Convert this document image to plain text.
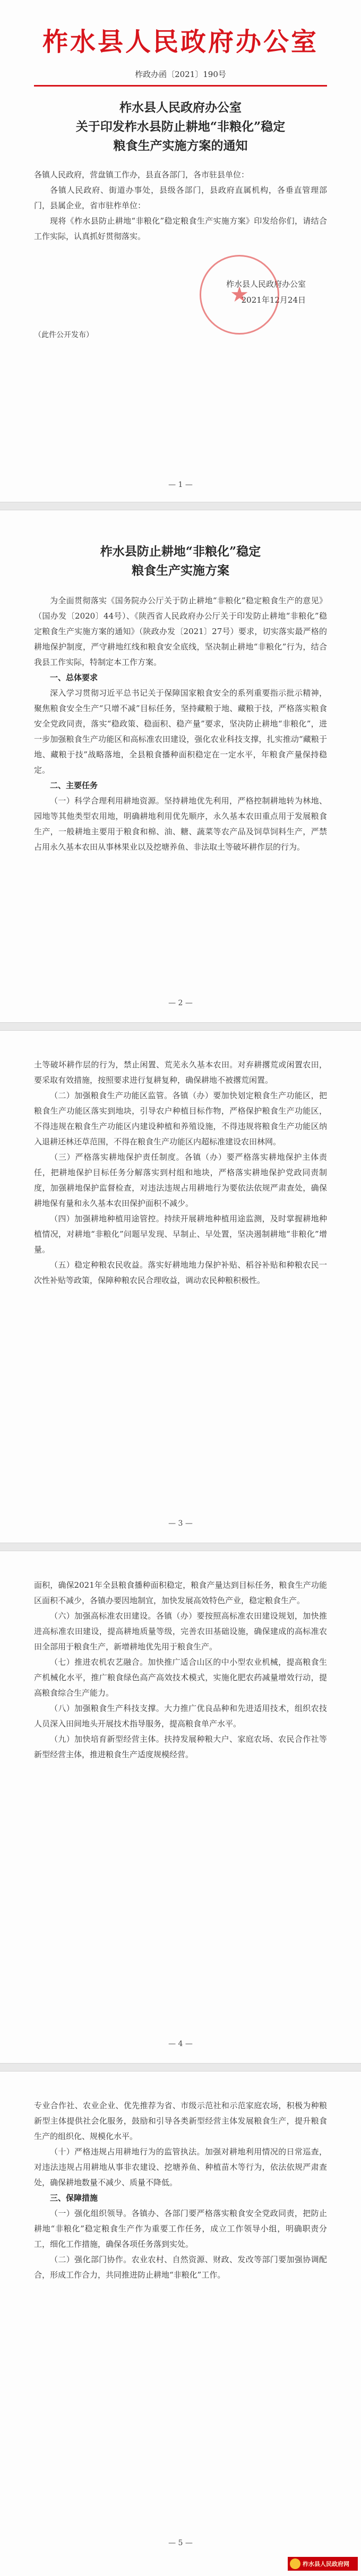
柞水县人民政府办公室
柞政办函〔2021〕190号
柞水县人民政府办公室
关于印发柞水县防止耕地“非粮化”稳定
粮食生产实施方案的通知

各镇人民政府，营盘镇工作办，县直各部门，各市驻县单位：

各镇人民政府、街道办事处，县级各部门，县政府直属机构，各垂直管理部门，县属企业，省市驻柞单位：

现将《柞水县防止耕地“非粮化”稳定粮食生产实施方案》印发给你们，请结合工作实际，认真抓好贯彻落实。

★
柞水县人民政府办公室
2021年12月24日
（此件公开发布）
— 1 —
柞水县防止耕地“非粮化”稳定
粮食生产实施方案

为全面贯彻落实《国务院办公厅关于防止耕地“非粮化”稳定粮食生产的意见》（国办发〔2020〕44号）、《陕西省人民政府办公厅关于印发防止耕地“非粮化”稳定粮食生产实施方案的通知》（陕政办发〔2021〕27号）要求，切实落实最严格的耕地保护制度，严守耕地红线和粮食安全底线，坚决制止耕地“非粮化”行为，结合我县工作实际，特制定本工作方案。

一、总体要求

深入学习贯彻习近平总书记关于保障国家粮食安全的系列重要指示批示精神，聚焦粮食安全生产“只增不减”目标任务，坚持藏粮于地、藏粮于技，严格落实粮食安全党政同责，落实“稳政策、稳面积、稳产量”要求，坚决防止耕地“非粮化”，进一步加强粮食生产功能区和高标准农田建设，强化农业科技支撑，扎实推动“藏粮于地、藏粮于技”战略落地，全县粮食播种面积稳定在一定水平，年粮食产量保持稳定。

二、主要任务

（一）科学合理利用耕地资源。坚持耕地优先利用，严格控制耕地转为林地、园地等其他类型农用地，明确耕地利用优先顺序，永久基本农田重点用于发展粮食生产，一般耕地主要用于粮食和棉、油、糖、蔬菜等农产品及饲草饲料生产，严禁占用永久基本农田从事林果业以及挖塘养鱼、非法取土等破坏耕作层的行为。

— 2 —

土等破坏耕作层的行为，禁止闲置、荒芜永久基本农田。对弃耕撂荒或闲置农田，要采取有效措施，按照要求进行复耕复种，确保耕地不被撂荒闲置。

（二）加强粮食生产功能区监管。各镇（办）要加快划定粮食生产功能区，把粮食生产功能区落实到地块，引导农户种植目标作物，严格保护粮食生产功能区，不得违规在粮食生产功能区内建设种植和养殖设施，不得违规将粮食生产功能区纳入退耕还林还草范围，不得在粮食生产功能区内超标准建设农田林网。

（三）严格落实耕地保护责任制度。各镇（办）要严格落实耕地保护主体责任，把耕地保护目标任务分解落实到村组和地块，严格落实耕地保护党政同责制度，加强耕地保护监督检查，对违法违规占用耕地行为要依法依规严肃查处，确保耕地保有量和永久基本农田保护面积不减少。

（四）加强耕地种植用途管控。持续开展耕地种植用途监测，及时掌握耕地种植情况，对耕地“非粮化”问题早发现、早制止、早处置，坚决遏制耕地“非粮化”增量。

（五）稳定种粮农民收益。落实好耕地地力保护补贴、稻谷补贴和种粮农民一次性补贴等政策，保障种粮农民合理收益，调动农民种粮积极性。

— 3 —

面积，确保2021年全县粮食播种面积稳定，粮食产量达到目标任务，粮食生产功能区面积不减少，各镇办要因地制宜，加快发展高效特色产业，稳定粮食生产。

（六）加强高标准农田建设。各镇（办）要按照高标准农田建设规划，加快推进高标准农田建设，提高耕地质量等级，完善农田基础设施，确保建成的高标准农田全部用于粮食生产，新增耕地优先用于粮食生产。

（七）推进农机农艺融合。加快推广适合山区的中小型农业机械，提高粮食生产机械化水平，推广粮食绿色高产高效技术模式，实施化肥农药减量增效行动，提高粮食综合生产能力。

（八）加强粮食生产科技支撑。大力推广优良品种和先进适用技术，组织农技人员深入田间地头开展技术指导服务，提高粮食单产水平。

（九）加快培育新型经营主体。扶持发展种粮大户、家庭农场、农民合作社等新型经营主体，推进粮食生产适度规模经营。

— 4 —

专业合作社、农业企业、优先推荐为省、市级示范社和示范家庭农场，积极为种粮新型主体提供社会化服务，鼓励和引导各类新型经营主体发展粮食生产，提升粮食生产的组织化、规模化水平。

（十）严格违规占用耕地行为的监管执法。加强对耕地利用情况的日常巡查，对违法违规占用耕地从事非农建设、挖塘养鱼、种植苗木等行为，依法依规严肃查处，确保耕地数量不减少、质量不降低。

三、保障措施

（一）强化组织领导。各镇办、各部门要严格落实粮食安全党政同责，把防止耕地“非粮化”稳定粮食生产作为重要工作任务，成立工作领导小组，明确职责分工，细化工作措施，确保各项任务落到实处。

（二）强化部门协作。农业农村、自然资源、财政、发改等部门要加强协调配合，形成工作合力，共同推进防止耕地“非粮化”工作。

— 5 —
柞水县人民政府网
